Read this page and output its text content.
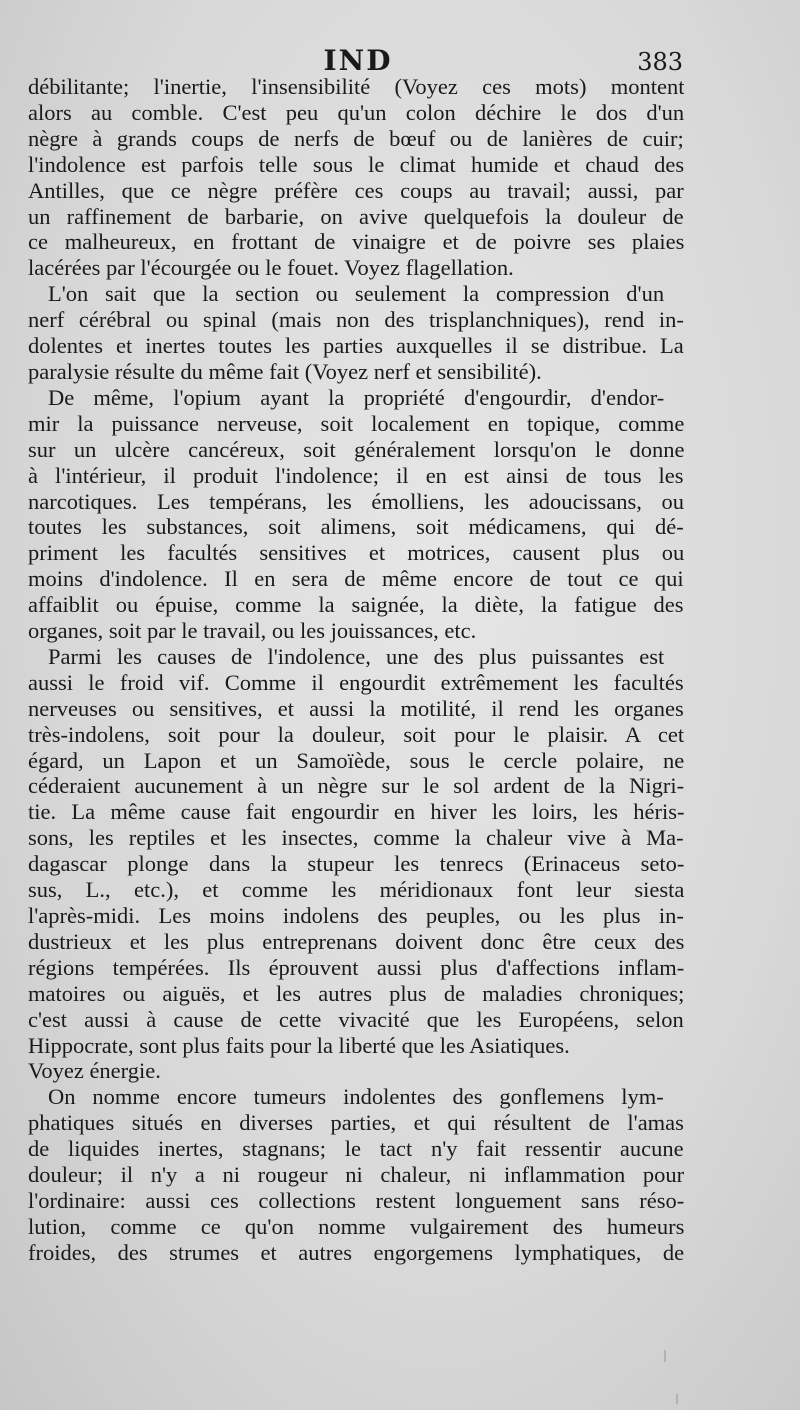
IND	383
débilitante; l'inertie, l'insensibilité (Voyez ces mots) montent
alors au comble. C'est peu qu'un colon déchire le dos d'un
nègre à grands coups de nerfs de bœuf ou de lanières de cuir;
l'indolence est parfois telle sous le climat humide et chaud des
Antilles, que ce nègre préfère ces coups au travail; aussi, par
un raffinement de barbarie, on avive quelquefois la douleur de
ce malheureux, en frottant de vinaigre et de poivre ses plaies
lacérées par l'écourgée ou le fouet. Voyez flagellation.
L'on sait que la section ou seulement la compression d'un
nerf cérébral ou spinal (mais non des trisplanchniques), rend in-
dolentes et inertes toutes les parties auxquelles il se distribue. La
paralysie résulte du même fait (Voyez nerf et sensibilité).
De même, l'opium ayant la propriété d'engourdir, d'endor-
mir la puissance nerveuse, soit localement en topique, comme
sur un ulcère cancéreux, soit généralement lorsqu'on le donne
à l'intérieur, il produit l'indolence; il en est ainsi de tous les
narcotiques. Les tempérans, les émolliens, les adoucissans, ou
toutes les substances, soit alimens, soit médicamens, qui dé-
priment les facultés sensitives et motrices, causent plus ou
moins d'indolence. Il en sera de même encore de tout ce qui
affaiblit ou épuise, comme la saignée, la diète, la fatigue des
organes, soit par le travail, ou les jouissances, etc.
Parmi les causes de l'indolence, une des plus puissantes est
aussi le froid vif. Comme il engourdit extrêmement les facultés
nerveuses ou sensitives, et aussi la motilité, il rend les organes
très-indolens, soit pour la douleur, soit pour le plaisir. A cet
égard, un Lapon et un Samoïède, sous le cercle polaire, ne
céderaient aucunement à un nègre sur le sol ardent de la Nigri-
tie. La même cause fait engourdir en hiver les loirs, les héris-
sons, les reptiles et les insectes, comme la chaleur vive à Ma-
dagascar plonge dans la stupeur les tenrecs (Erinaceus seto-
sus, L., etc.), et comme les méridionaux font leur siesta
l'après-midi. Les moins indolens des peuples, ou les plus in-
dustrieux et les plus entreprenans doivent donc être ceux des
régions tempérées. Ils éprouvent aussi plus d'affections inflam-
matoires ou aiguës, et les autres plus de maladies chroniques;
c'est aussi à cause de cette vivacité que les Européens, selon
Hippocrate, sont plus faits pour la liberté que les Asiatiques.
Voyez énergie.
On nomme encore tumeurs indolentes des gonflemens lym-
phatiques situés en diverses parties, et qui résultent de l'amas
de liquides inertes, stagnans; le tact n'y fait ressentir aucune
douleur; il n'y a ni rougeur ni chaleur, ni inflammation pour
l'ordinaire: aussi ces collections restent longuement sans réso-
lution, comme ce qu'on nomme vulgairement des humeurs
froides, des strumes et autres engorgemens lymphatiques, de
